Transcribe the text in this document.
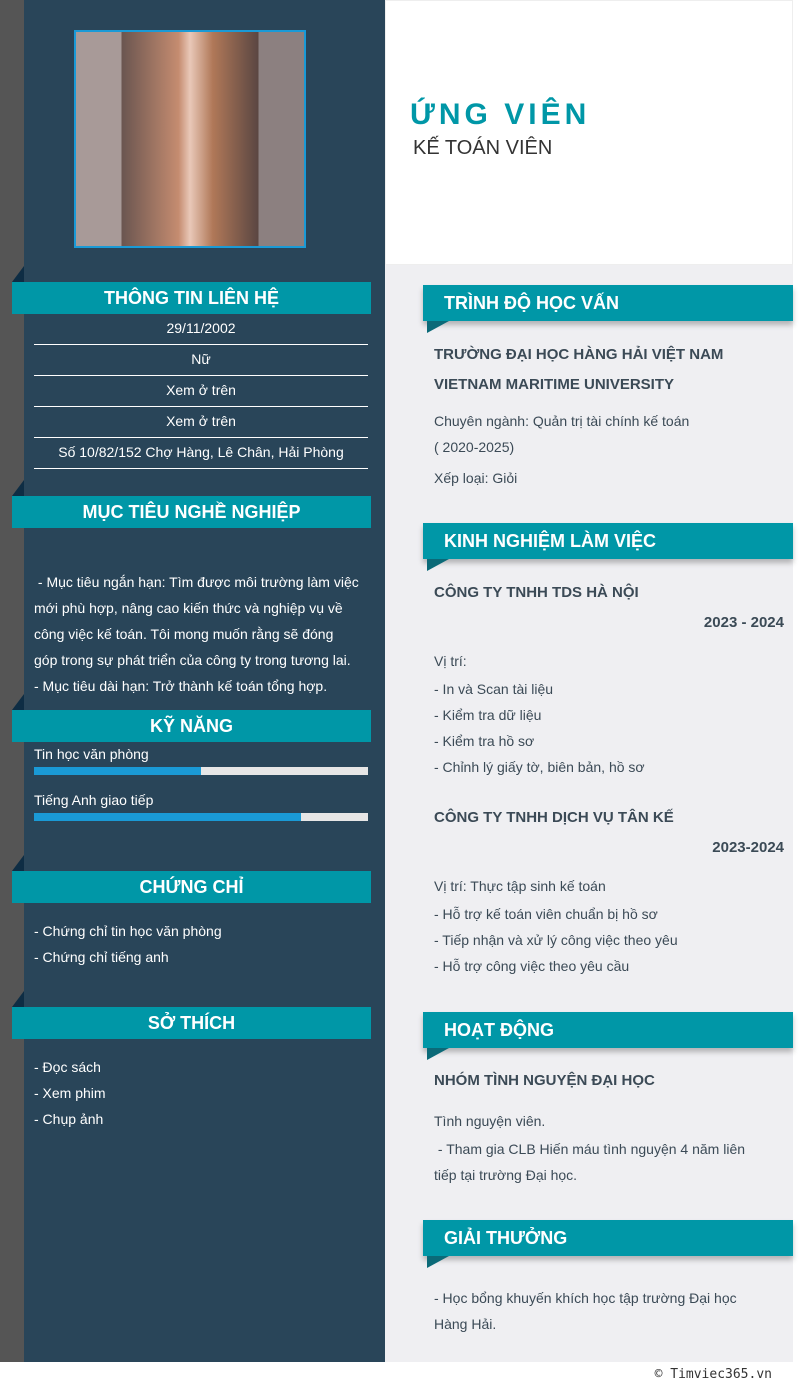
ỨNG VIÊN
KẾ TOÁN VIÊN
THÔNG TIN LIÊN HỆ
29/11/2002
Nữ
Xem ở trên
Xem ở trên
Số 10/82/152 Chợ Hàng, Lê Chân, Hải Phòng
MỤC TIÊU NGHỀ NGHIỆP

- Mục tiêu ngắn hạn: Tìm được môi trường làm việc
mới phù hợp, nâng cao kiến thức và nghiệp vụ về
công việc kế toán. Tôi mong muốn rằng sẽ đóng
góp trong sự phát triển của công ty trong tương lai.
- Mục tiêu dài hạn: Trở thành kế toán tổng hợp.

KỸ NĂNG
Tin học văn phòng
Tiếng Anh giao tiếp
CHỨNG CHỈ
- Chứng chỉ tin học văn phòng
- Chứng chỉ tiếng anh
SỞ THÍCH
- Đọc sách
- Xem phim
- Chụp ảnh
TRÌNH ĐỘ HỌC VẤN
TRƯỜNG ĐẠI HỌC HÀNG HẢI VIỆT NAM
VIETNAM MARITIME UNIVERSITY
Chuyên ngành: Quản trị tài chính kế toán
( 2020-2025)
Xếp loại: Giỏi
KINH NGHIỆM LÀM VIỆC
CÔNG TY TNHH TDS HÀ NỘI
2023 - 2024
Vị trí:
- In và Scan tài liệu
- Kiểm tra dữ liệu
- Kiểm tra hồ sơ
- Chỉnh lý giấy tờ, biên bản, hồ sơ
CÔNG TY TNHH DỊCH VỤ TÂN KẾ
2023-2024
Vị trí: Thực tập sinh kế toán
- Hỗ trợ kế toán viên chuẩn bị hồ sơ
- Tiếp nhận và xử lý công việc theo yêu
- Hỗ trợ công việc theo yêu cầu
HOẠT ĐỘNG
NHÓM TÌNH NGUYỆN ĐẠI HỌC
Tình nguyện viên.
- Tham gia CLB Hiến máu tình nguyện 4 năm liên
tiếp tại trường Đại học.
GIẢI THƯỞNG
- Học bổng khuyến khích học tập trường Đại học
Hàng Hải.
© Timviec365.vn
